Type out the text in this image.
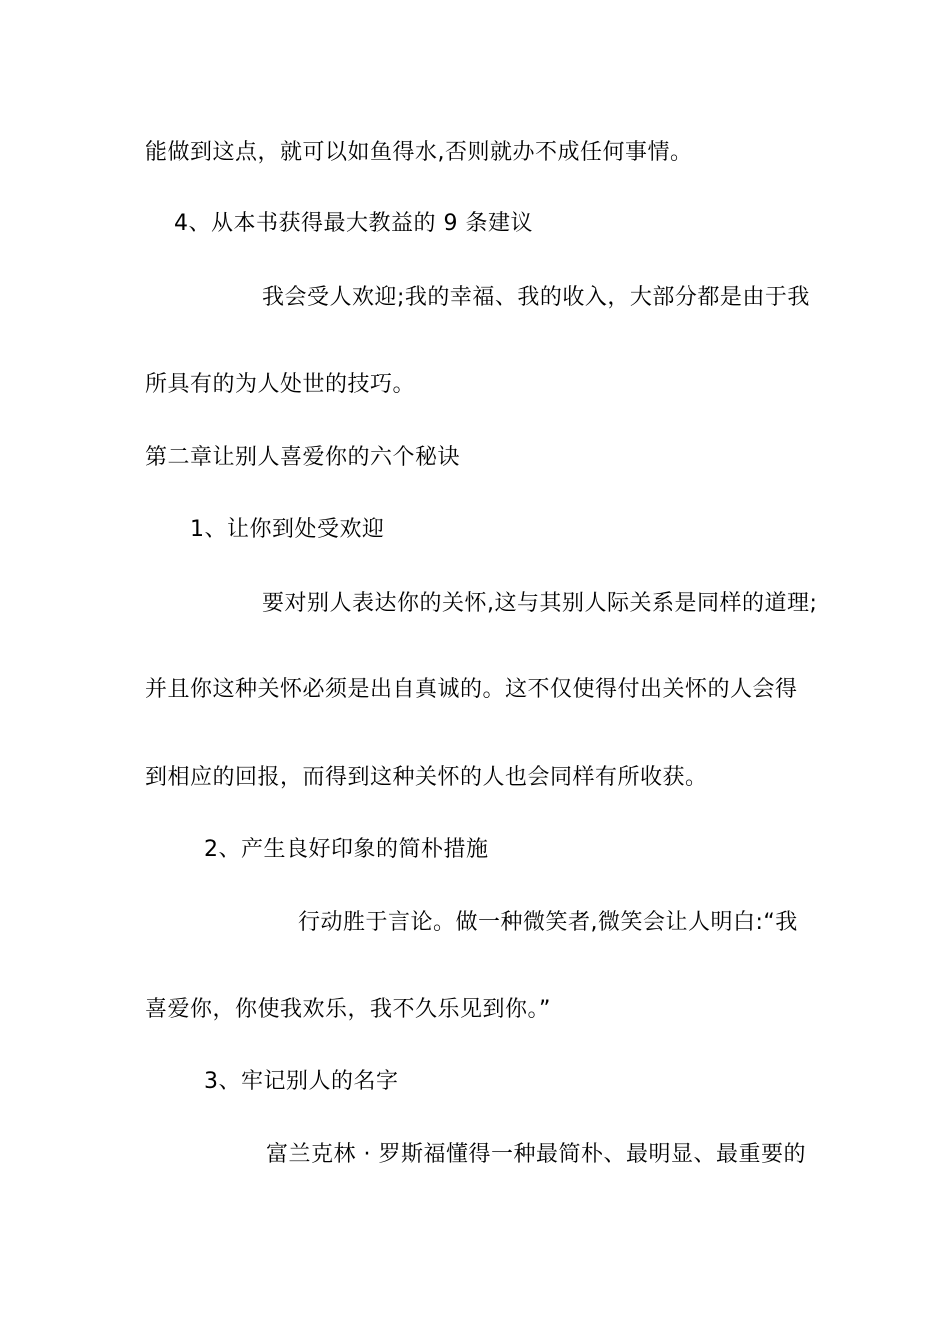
能做到这点，就可以如鱼得水,否则就办不成任何事情。
4、从本书获得最大教益的 9 条建议
我会受人欢迎;我的幸福、我的收入，大部分都是由于我
所具有的为人处世的技巧。
第二章让别人喜爱你的六个秘诀
1、让你到处受欢迎
要对别人表达你的关怀,这与其别人际关系是同样的道理;
并且你这种关怀必须是出自真诚的。这不仅使得付出关怀的人会得
到相应的回报，而得到这种关怀的人也会同样有所收获。
2、产生良好印象的简朴措施
行动胜于言论。做一种微笑者,微笑会让人明白:“我
喜爱你，你使我欢乐，我不久乐见到你。”
3、牢记别人的名字
富兰克林 · 罗斯福懂得一种最简朴、最明显、最重要的
